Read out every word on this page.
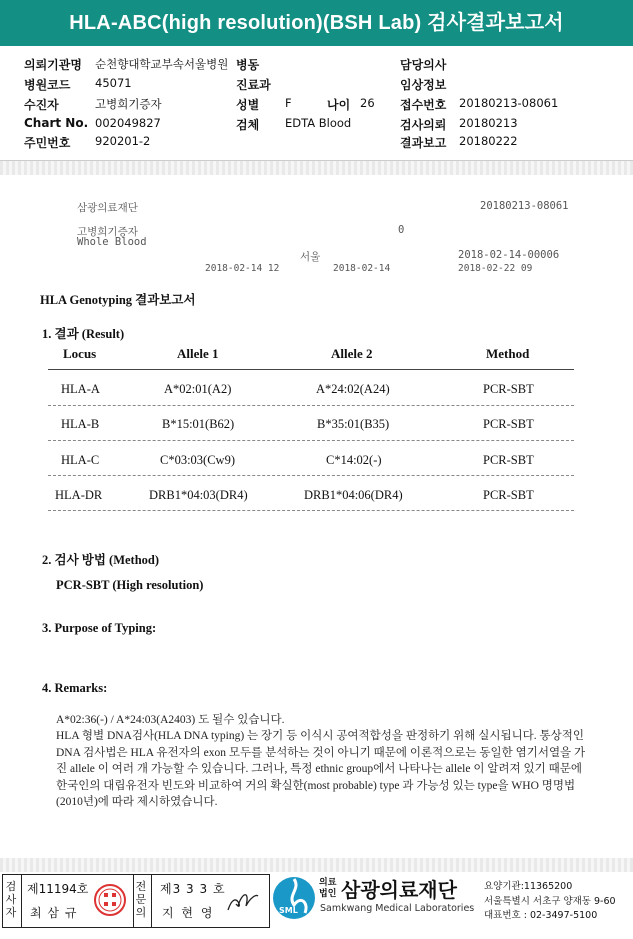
HLA-ABC(high resolution)(BSH Lab) 검사결과보고서
의뢰기관명 순천향대학교부속서울병원 병동	담당의사
병원코드 45071	진료과	임상정보
수진자	고병희기증자	성별 F	나이 26 접수번호 20180213-08061
Chart No. 002049827	검체 EDTA Blood	검사의뢰 20180213
주민번호 920201-2	결과보고 20180222
삼광의료재단	20180213-08061
고병희기증자	0
Whole Blood
서울	2018-02-14-00006
2018-02-14 12	2018-02-14	2018-02-22 09
HLA Genotyping 결과보고서
1. 결과 (Result)
Locus	Allele 1	Allele 2	Method
HLA-A	A*02:01(A2)	A*24:02(A24)	PCR-SBT
HLA-B	B*15:01(B62)	B*35:01(B35)	PCR-SBT
HLA-C	C*03:03(Cw9)	C*14:02(-)	PCR-SBT
HLA-DR	DRB1*04:03(DR4)	DRB1*04:06(DR4)	PCR-SBT
2. 검사 방법 (Method)
PCR-SBT (High resolution)
3. Purpose of Typing:
4. Remarks:
A*02:36(-) / A*24:03(A2403) 도 될수 있습니다.
HLA 형별 DNA검사(HLA DNA typing) 는 장기 등 이식시 공여적합성을 판정하기 위해 실시됩니다. 통상적인 DNA 검사법은 HLA 유전자의 exon 모두를 분석하는 것이 아니기 때문에 이론적으로는 동일한 염기서열을 가진 allele 이 여러 개 가능할 수 있습니다. 그러나, 특정 ethnic group에서 나타나는 allele 이 알려져 있기 때문에 한국인의 대립유전자 빈도와 비교하여 거의 확실한(most probable) type 과 가능성 있는 type을 WHO 명명법(2010년)에 따라 제시하였습니다.
검사자
제11194호
최 삼 규
전문의
제3 3 3 호
지 현 영	SML
의료법인 삼광의료재단
Samkwang Medical Laboratories
요양기관:11365200
서울특별시 서초구 양재동 9-60
대표번호 : 02-3497-5100
